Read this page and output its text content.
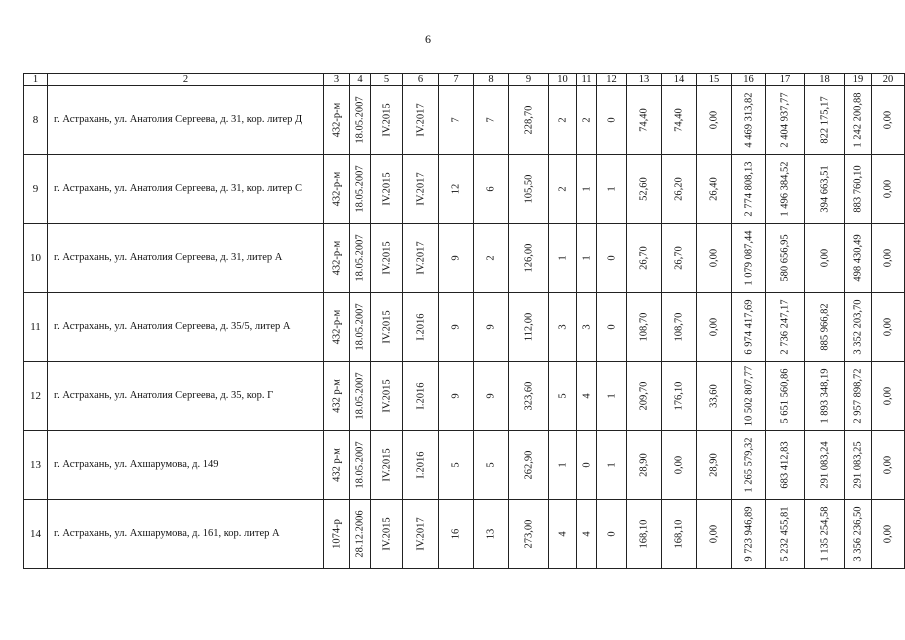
6
1	2	3	4	5	6	7	8	9	10	11	12	13	14	15	16	17	18	19	20
8	г. Астрахань, ул. Анатолия Сергеева, д. 31, кор. литер Д	432-р-м	18.05.2007	IV.2015	IV.2017	7	7	228,70	2	2	0	74,40	74,40	0,00	4 469 313,82	2 404 937,77	822 175,17	1 242 200,88	0,00

9	г. Астрахань, ул. Анатолия Сергеева, д. 31, кор. литер С	432-р-м	18.05.2007	IV.2015	IV.2017	12	6	105,50	2	1	1	52,60	26,20	26,40	2 774 808,13	1 496 384,52	394 663,51	883 760,10	0,00

10	г. Астрахань, ул. Анатолия Сергеева, д. 31, литер А	432-р-м	18.05.2007	IV.2015	IV.2017	9	2	126,00	1	1	0	26,70	26,70	0,00	1 079 087,44	580 656,95	0,00	498 430,49	0,00

11	г. Астрахань, ул. Анатолия Сергеева, д. 35/5, литер А	432-р-м	18.05.2007	IV.2015	I.2016	9	9	112,00	3	3	0	108,70	108,70	0,00	6 974 417,69	2 736 247,17	885 966,82	3 352 203,70	0,00

12	г. Астрахань, ул. Анатолия Сергеева, д. 35, кор. Г	432 р-м	18.05.2007	IV.2015	I.2016	9	9	323,60	5	4	1	209,70	176,10	33,60	10 502 807,77	5 651 560,86	1 893 348,19	2 957 898,72	0,00

13	г. Астрахань, ул. Ахшарумова, д. 149	432 р-м	18.05.2007	IV.2015	I.2016	5	5	262,90	1	0	1	28,90	0,00	28,90	1 265 579,32	683 412,83	291 083,24	291 083,25	0,00

14	г. Астрахань, ул. Ахшарумова, д. 161, кор. литер А	1074-р	28.12.2006	IV.2015	IV.2017	16	13	273,00	4	4	0	168,10	168,10	0,00	9 723 946,89	5 232 455,81	1 135 254,58	3 356 236,50	0,00
